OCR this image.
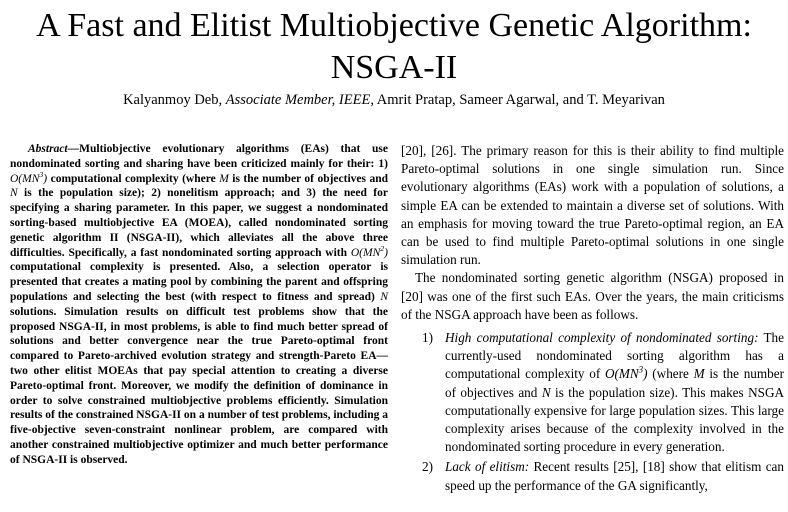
A Fast and Elitist Multiobjective Genetic Algorithm:
NSGA-II
Kalyanmoy Deb, Associate Member, IEEE, Amrit Pratap, Sameer Agarwal, and T. Meyarivan

Abstract—Multiobjective evolutionary algorithms (EAs) that use nondominated sorting and sharing have been criticized mainly for their: 1) $O(MN^3)$ computational complexity (where M is the number of objectives and N is the population size); 2) nonelitism approach; and 3) the need for specifying a sharing parameter. In this paper, we suggest a nondominated sorting-based multiobjective EA (MOEA), called nondominated sorting genetic algorithm II (NSGA-II), which alleviates all the above three difficulties. Specifically, a fast nondominated sorting approach with $O(MN^2)$ computational complexity is presented. Also, a selection operator is presented that creates a mating pool by combining the parent and offspring populations and selecting the best (with respect to fitness and spread) N solutions. Simulation results on difficult test problems show that the proposed NSGA-II, in most problems, is able to find much better spread of solutions and better convergence near the true Pareto-optimal front compared to Pareto-archived evolution strategy and strength-Pareto EA—two other elitist MOEAs that pay special attention to creating a diverse Pareto-optimal front. Moreover, we modify the definition of dominance in order to solve constrained multiobjective problems efficiently. Simulation results of the constrained NSGA-II on a number of test problems, including a five-objective seven-constraint nonlinear problem, are compared with another constrained multiobjective optimizer and much better performance of NSGA-II is observed.

[20], [26]. The primary reason for this is their ability to find multiple Pareto-optimal solutions in one single simulation run. Since evolutionary algorithms (EAs) work with a population of solutions, a simple EA can be extended to maintain a diverse set of solutions. With an emphasis for moving toward the true Pareto-optimal region, an EA can be used to find multiple Pareto-optimal solutions in one single simulation run.

The nondominated sorting genetic algorithm (NSGA) proposed in [20] was one of the first such EAs. Over the years, the main criticisms of the NSGA approach have been as follows.

1) High computational complexity of nondominated sorting: The currently-used nondominated sorting algorithm has a computational complexity of $O(MN^3)$ (where M is the number of objectives and N is the population size). This makes NSGA computationally expensive for large population sizes. This large complexity arises because of the complexity involved in the nondominated sorting procedure in every generation.
2) Lack of elitism: Recent results [25], [18] show that elitism can speed up the performance of the GA significantly,
